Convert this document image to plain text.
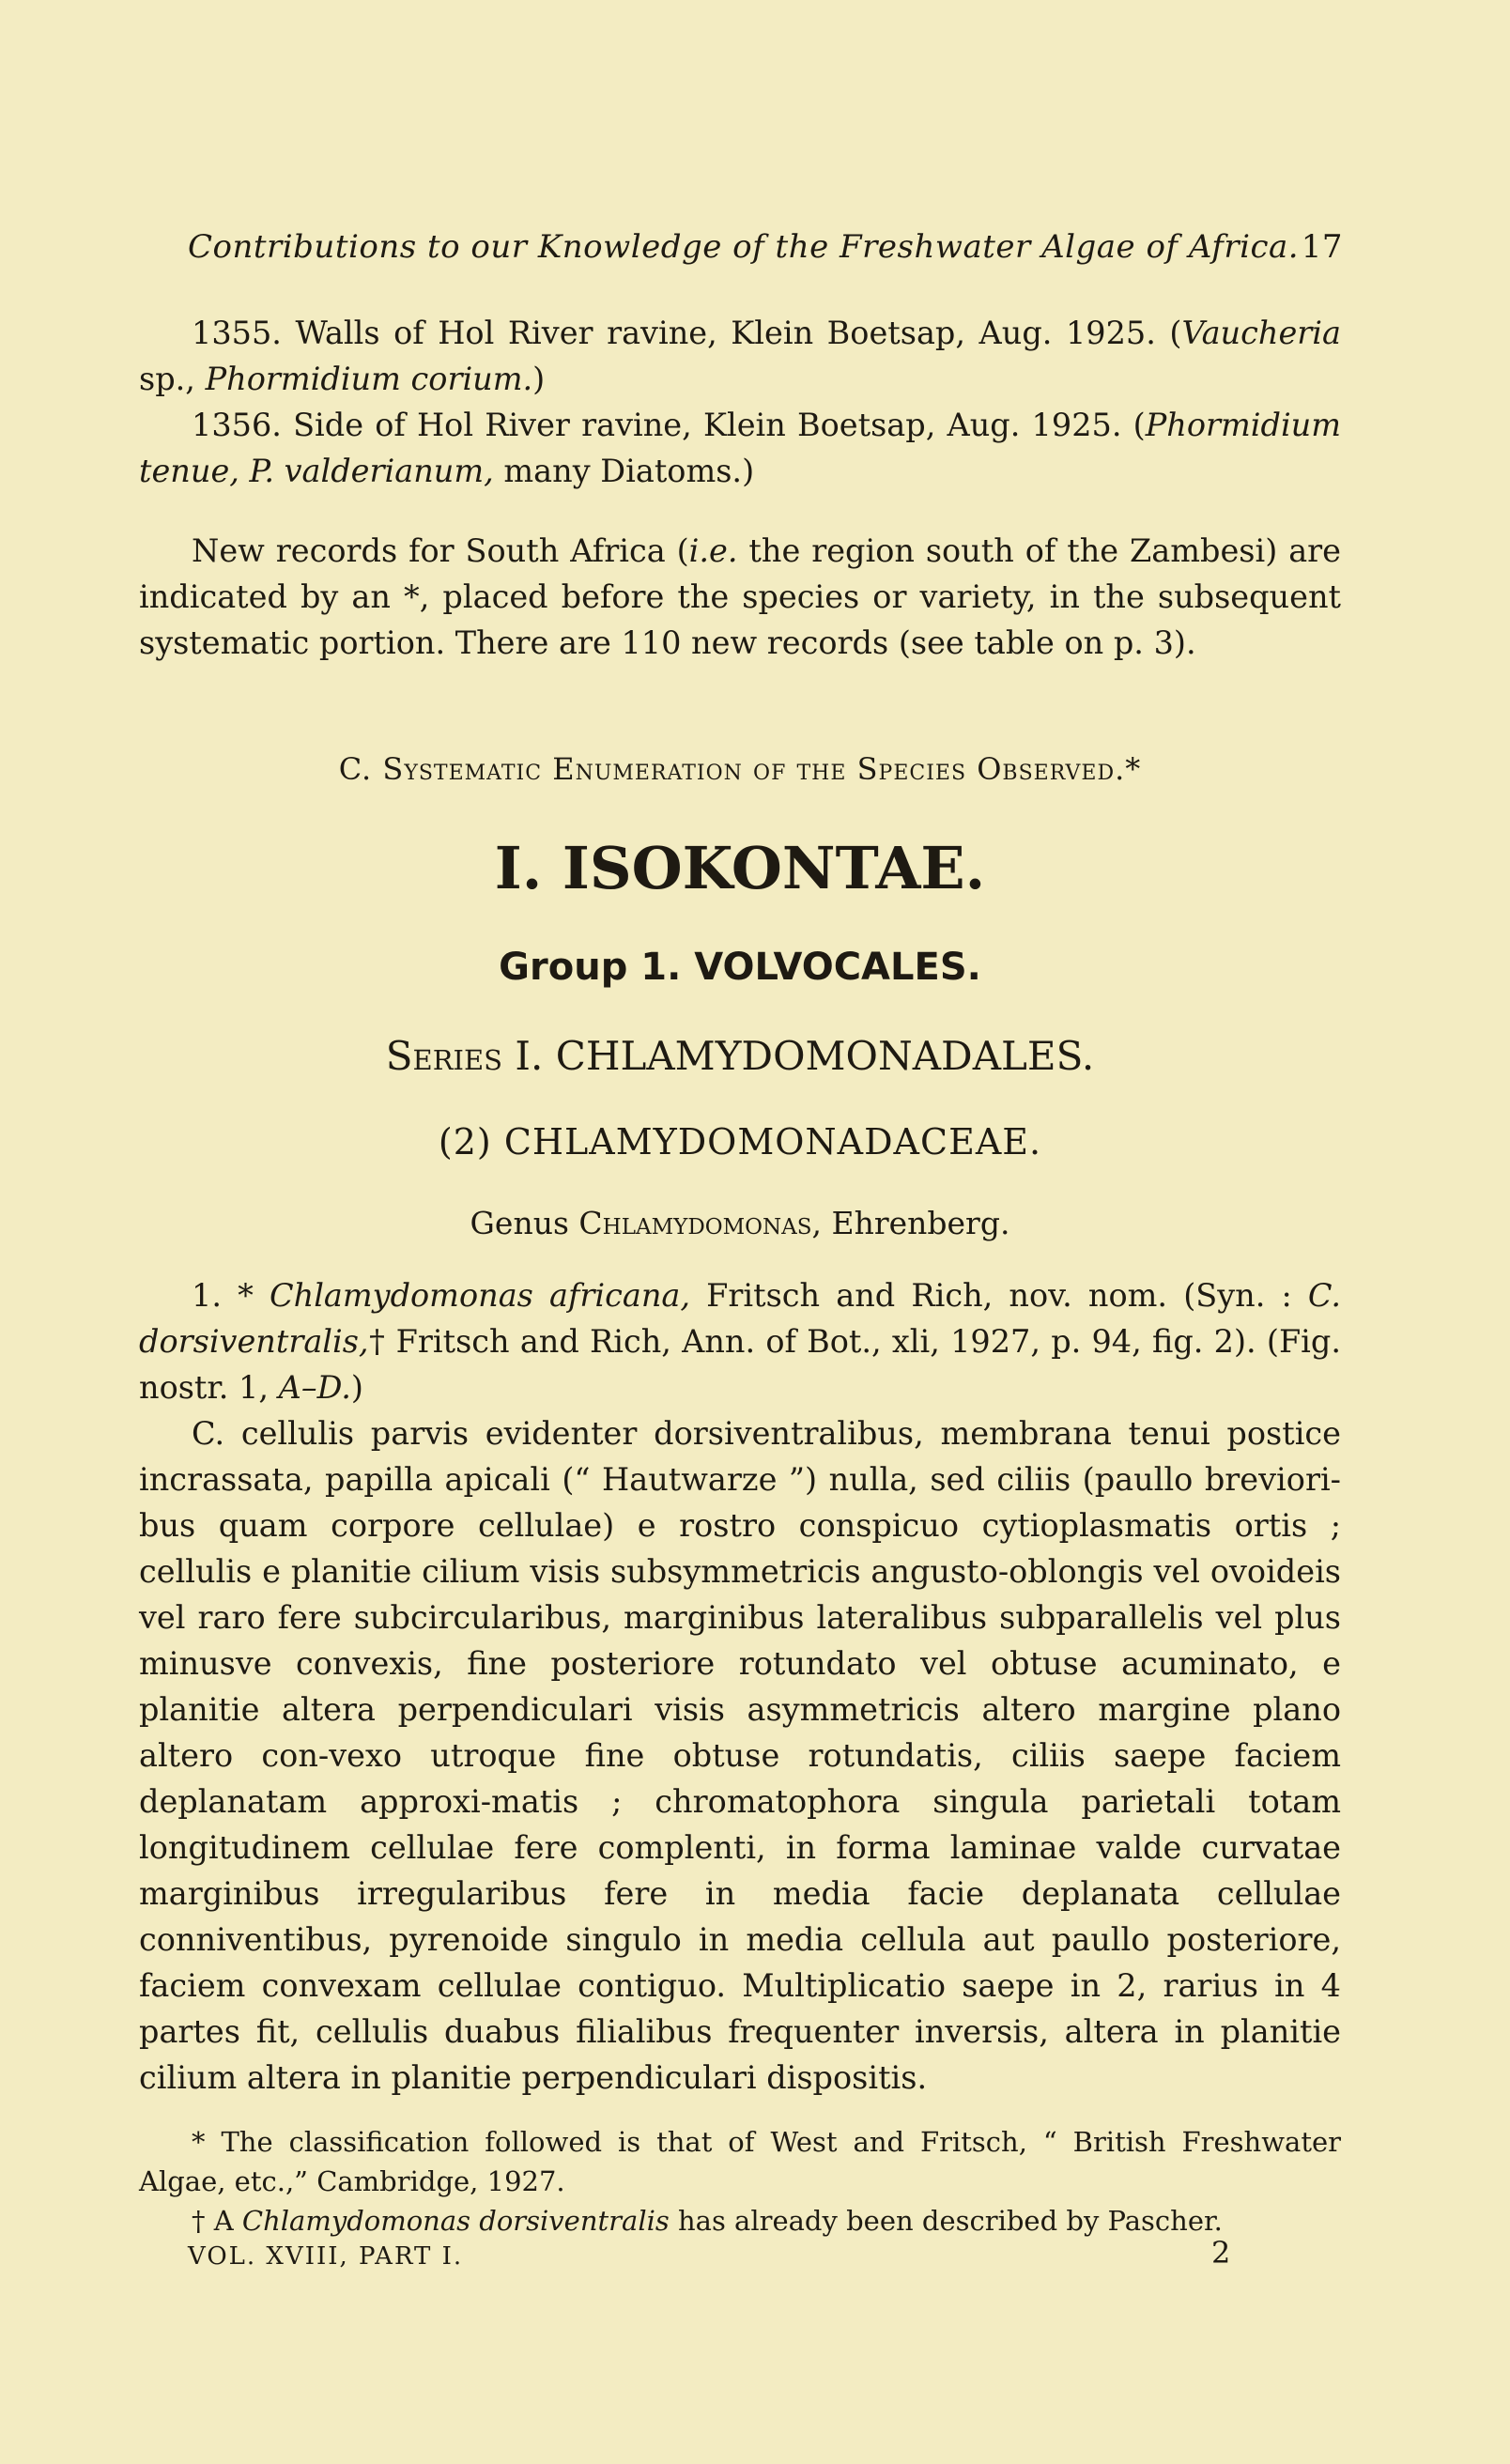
Contributions to our Knowledge of the Freshwater Algae of Africa. 17

1355. Walls of Hol River ravine, Klein Boetsap, Aug. 1925. (Vaucheria sp., Phormidium corium.)

1356. Side of Hol River ravine, Klein Boetsap, Aug. 1925. (Phormidium tenue, P. valderianum, many Diatoms.)

New records for South Africa (i.e. the region south of the Zambesi) are indicated by an *, placed before the species or variety, in the subsequent systematic portion. There are 110 new records (see table on p. 3).

C. Systematic Enumeration of the Species Observed.*
I. ISOKONTAE.
Group 1. VOLVOCALES.
Series I. CHLAMYDOMONADALES.
(2) CHLAMYDOMONADACEAE.
Genus Chlamydomonas, Ehrenberg.

1. * Chlamydomonas africana, Fritsch and Rich, nov. nom. (Syn. : C. dorsiventralis,† Fritsch and Rich, Ann. of Bot., xli, 1927, p. 94, fig. 2). (Fig. nostr. 1, A–D.)

C. cellulis parvis evidenter dorsiventralibus, membrana tenui postice incrassata, papilla apicali (“ Hautwarze ”) nulla, sed ciliis (paullo breviori-bus quam corpore cellulae) e rostro conspicuo cytioplasmatis ortis ; cellulis e planitie cilium visis subsymmetricis angusto-oblongis vel ovoideis vel raro fere subcircularibus, marginibus lateralibus subparallelis vel plus minusve convexis, fine posteriore rotundato vel obtuse acuminato, e planitie altera perpendiculari visis asymmetricis altero margine plano altero con-vexo utroque fine obtuse rotundatis, ciliis saepe faciem deplanatam approxi-matis ; chromatophora singula parietali totam longitudinem cellulae fere complenti, in forma laminae valde curvatae marginibus irregularibus fere in media facie deplanata cellulae conniventibus, pyrenoide singulo in media cellula aut paullo posteriore, faciem convexam cellulae contiguo. Multiplicatio saepe in 2, rarius in 4 partes fit, cellulis duabus filialibus frequenter inversis, altera in planitie cilium altera in planitie perpendiculari dispositis.

* The classification followed is that of West and Fritsch, “ British Freshwater Algae, etc.,” Cambridge, 1927.

† A Chlamydomonas dorsiventralis has already been described by Pascher.

VOL. XVIII, PART I.	2
